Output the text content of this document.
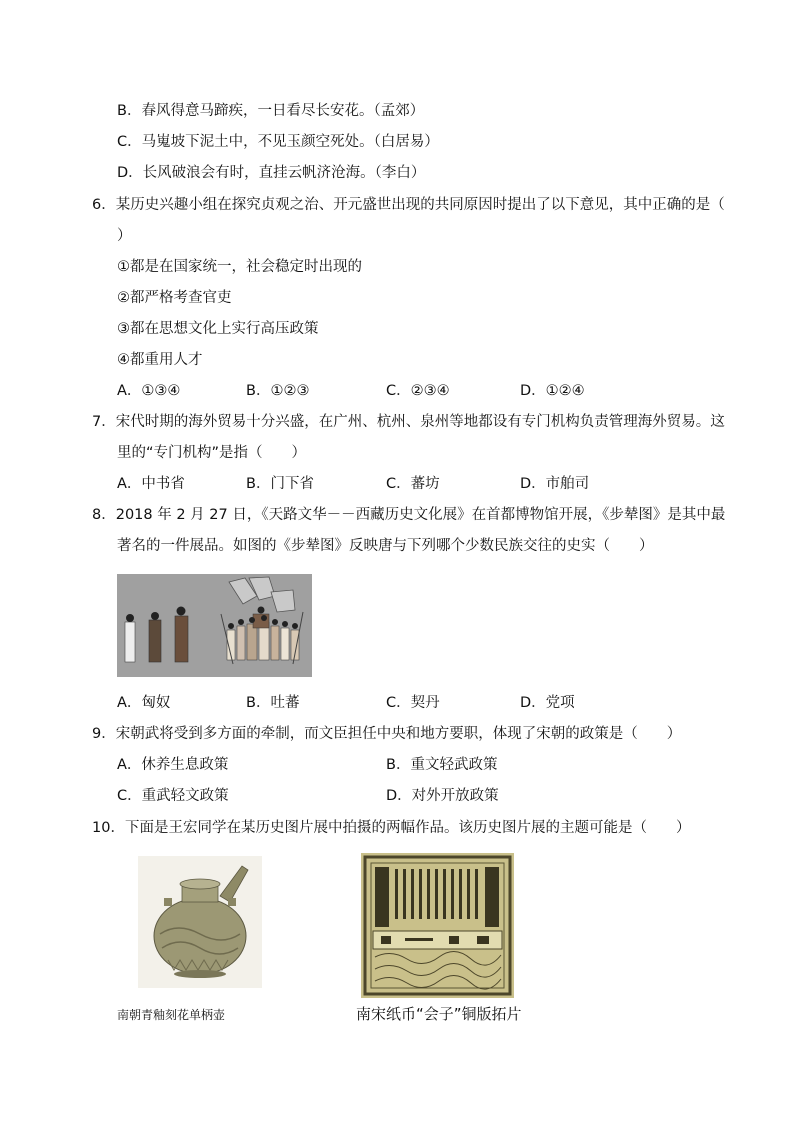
B．春风得意马蹄疾，一日看尽长安花。（孟郊）
C．马嵬坡下泥土中，不见玉颜空死处。（白居易）
D．长风破浪会有时，直挂云帆济沧海。（李白）
6．某历史兴趣小组在探究贞观之治、开元盛世出现的共同原因时提出了以下意见，其中正确的是（
）
①都是在国家统一，社会稳定时出现的
②都严格考查官吏
③都在思想文化上实行高压政策
④都重用人才
A．①③④	B．①②③	C．②③④	D．①②④
7．宋代时期的海外贸易十分兴盛，在广州、杭州、泉州等地都设有专门机构负责管理海外贸易。这
里的“专门机构”是指（　　）
A．中书省	B．门下省	C．蕃坊	D．市舶司
8．2018 年 2 月 27 日，《天路文华－－西藏历史文化展》在首都博物馆开展，《步辇图》是其中最
著名的一件展品。如图的《步辇图》反映唐与下列哪个少数民族交往的史实（　　）
A．匈奴	B．吐蕃	C．契丹	D．党项
9．宋朝武将受到多方面的牵制，而文臣担任中央和地方要职，体现了宋朝的政策是（　　）
A．休养生息政策	B．重文轻武政策
C．重武轻文政策	D．对外开放政策
10．下面是王宏同学在某历史图片展中拍摄的两幅作品。该历史图片展的主题可能是（　　）
南朝青釉刻花单柄壶	南宋纸币“会子”铜版拓片
